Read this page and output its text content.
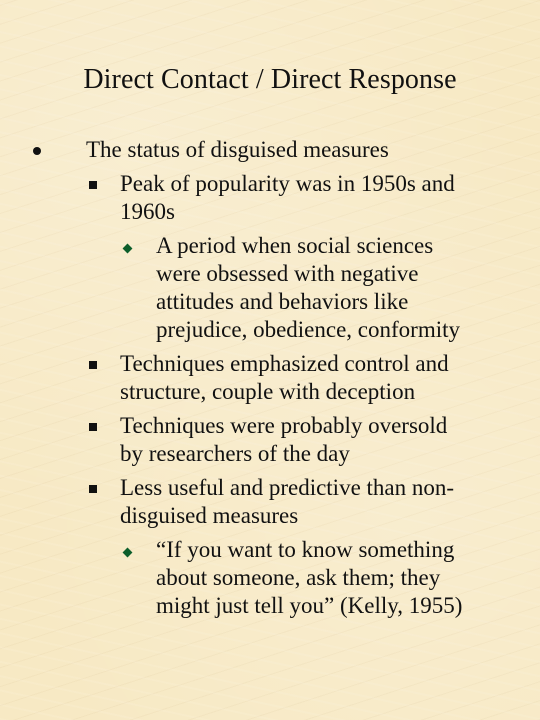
Direct Contact / Direct Response
The status of disguised measures
Peak of popularity was in 1950s and
1960s
A period when social sciences
were obsessed with negative
attitudes and behaviors like
prejudice, obedience, conformity
Techniques emphasized control and
structure, couple with deception
Techniques were probably oversold
by researchers of the day
Less useful and predictive than non-
disguised measures
“If you want to know something
about someone, ask them; they
might just tell you” (Kelly, 1955)
